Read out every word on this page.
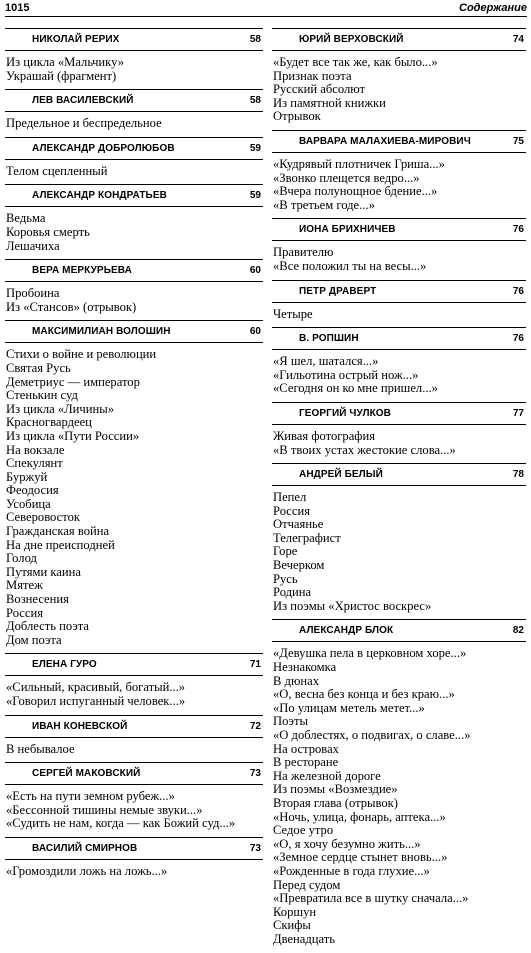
1015	Содержание
НИКОЛАЙ РЕРИХ	58
Из цикла «Мальчику»
Украшай (фрагмент)
ЛЕВ ВАСИЛЕВСКИЙ	58
Предельное и беспредельное
АЛЕКСАНДР ДОБРОЛЮБОВ	59
Телом сцепленный
АЛЕКСАНДР КОНДРАТЬЕВ	59
Ведьма
Коровья смерть
Лешачиха
ВЕРА МЕРКУРЬЕВА	60
Пробоина
Из «Стансов» (отрывок)
МАКСИМИЛИАН ВОЛОШИН	60
Стихи о войне и революции
Святая Русь
Деметриус — император
Стенькин суд
Из цикла «Личины»
Красногвардеец
Из цикла «Пути России»
На вокзале
Спекулянт
Буржуй
Феодосия
Усобица
Северовосток
Гражданская война
На дне преисподней
Голод
Путями каина
Мятеж
Вознесения
Россия
Доблесть поэта
Дом поэта
ЕЛЕНА ГУРО	71
«Сильный, красивый, богатый...»
«Говорил испуганный человек...»
ИВАН КОНЕВСКОЙ	72
В небывалое
СЕРГЕЙ МАКОВСКИЙ	73
«Есть на пути земном рубеж...»
«Бессонной тишины немые звуки...»
«Судить не нам, когда — как Божий суд...»
ВАСИЛИЙ СМИРНОВ	73
«Громоздили ложь на ложь...»
ЮРИЙ ВЕРХОВСКИЙ	74
«Будет все так же, как было...»
Признак поэта
Русский абсолют
Из памятной книжки
Отрывок
ВАРВАРА МАЛАХИЕВА-МИРОВИЧ	75
«Кудрявый плотничек Гриша...»
«Звонко плещется ведро...»
«Вчера полунощное бдение...»
«В третьем годе...»
ИОНА БРИХНИЧЕВ	76
Правителю
«Все положил ты на весы...»
ПЕТР ДРАВЕРТ	76
Четыре
В. РОПШИН	76
«Я шел, шатался...»
«Гильотина острый нож...»
«Сегодня он ко мне пришел...»
ГЕОРГИЙ ЧУЛКОВ	77
Живая фотография
«В твоих устах жестокие слова...»
АНДРЕЙ БЕЛЫЙ	78
Пепел
Россия
Отчаянье
Телеграфист
Горе
Вечерком
Русь
Родина
Из поэмы «Христос воскрес»
АЛЕКСАНДР БЛОК	82
«Девушка пела в церковном хоре...»
Незнакомка
В дюнах
«О, весна без конца и без краю...»
«По улицам метель метет...»
Поэты
«О доблестях, о подвигах, о славе...»
На островах
В ресторане
На железной дороге
Из поэмы «Возмездие»
Вторая глава (отрывок)
«Ночь, улица, фонарь, аптека...»
Седое утро
«О, я хочу безумно жить...»
«Земное сердце стынет вновь...»
«Рожденные в года глухие...»
Перед судом
«Превратила все в шутку сначала...»
Коршун
Скифы
Двенадцать
